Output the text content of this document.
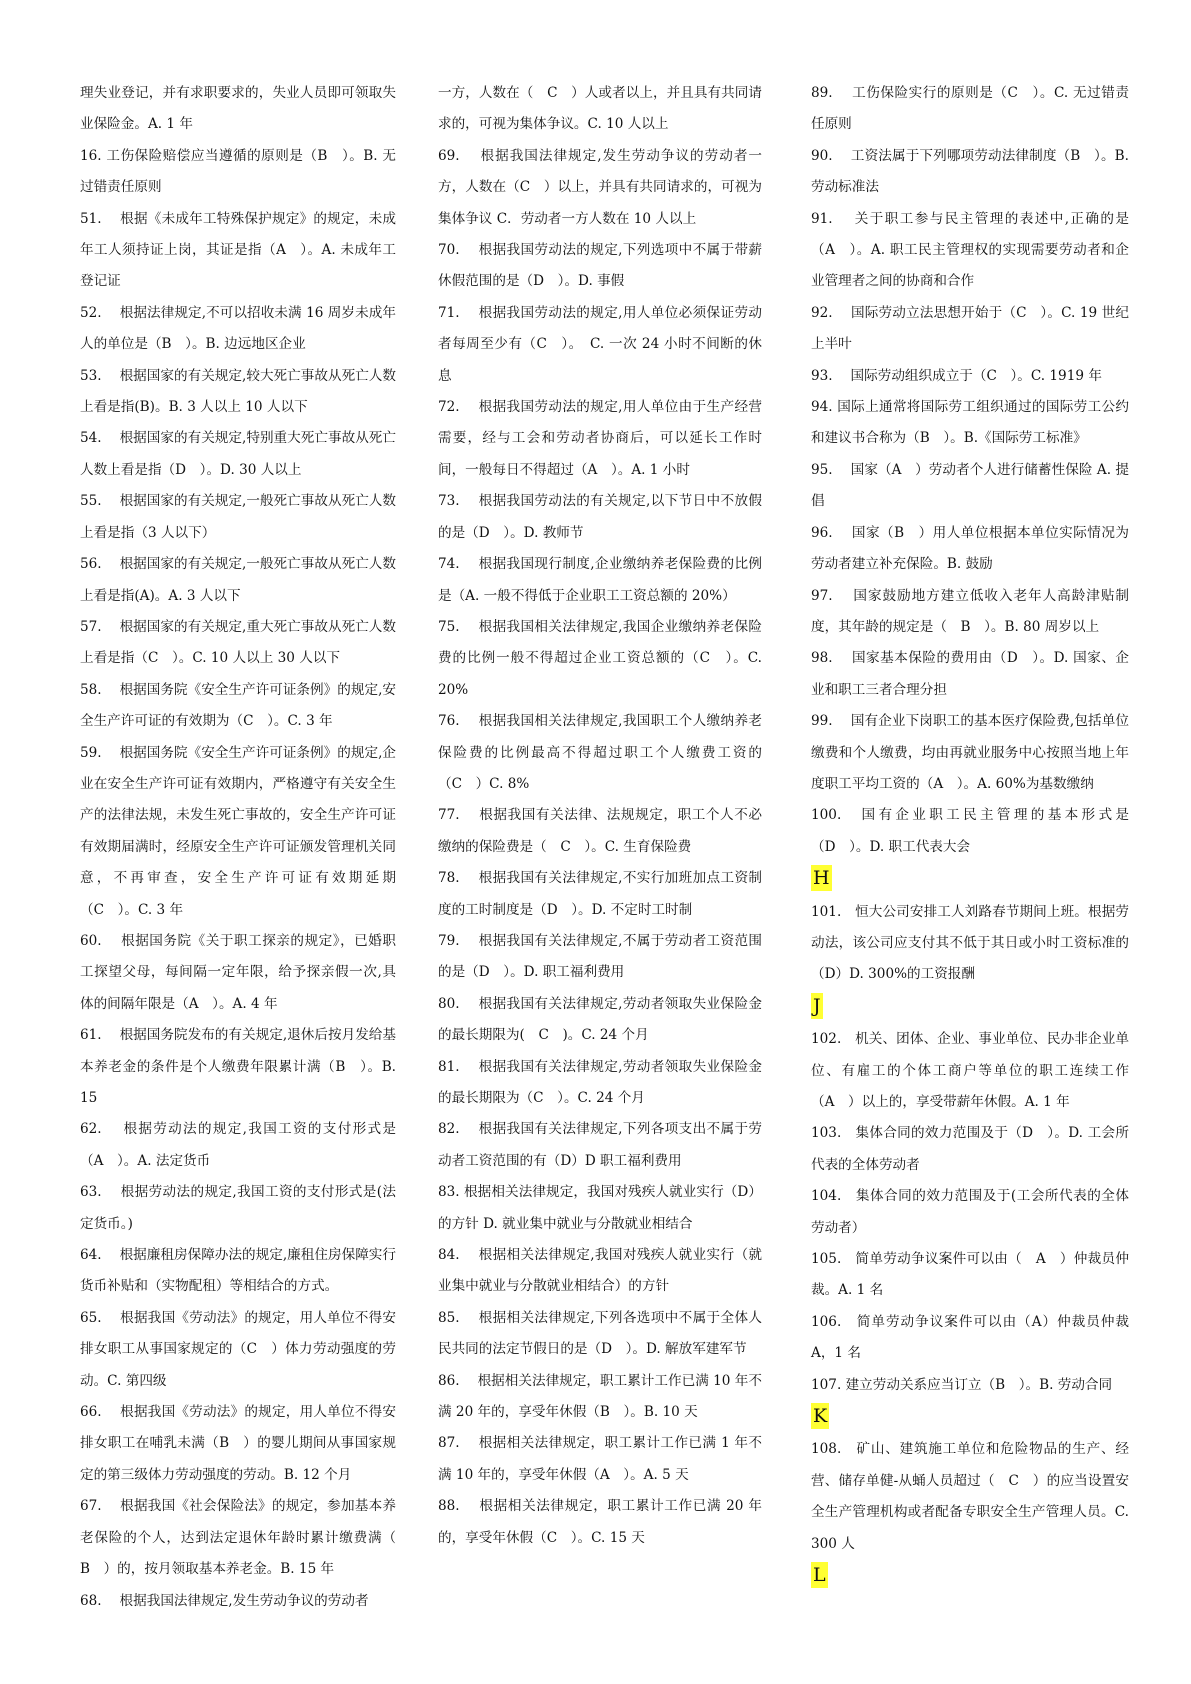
理失业登记，并有求职要求的，失业人员即可领取失业保险金。A. 1 年

16. 工伤保险赔偿应当遵循的原则是（B　）。B. 无过错责任原则

51.　 根据《未成年工特殊保护规定》的规定，未成年工人须持证上岗，其证是指（A　）。A. 未成年工登记证

52.　 根据法律规定,不可以招收未满 16 周岁未成年人的单位是（B　）。B. 边远地区企业

53.　 根据国家的有关规定,较大死亡事故从死亡人数上看是指(B)。B. 3 人以上 10 人以下

54.　 根据国家的有关规定,特别重大死亡事故从死亡人数上看是指（D　）。D. 30 人以上

55.　 根据国家的有关规定,一般死亡事故从死亡人数上看是指（3 人以下）

56.　 根据国家的有关规定,一般死亡事故从死亡人数上看是指(A)。A. 3 人以下

57.　 根据国家的有关规定,重大死亡事故从死亡人数上看是指（C　）。C. 10 人以上 30 人以下

58.　 根据国务院《安全生产许可证条例》的规定,安全生产许可证的有效期为（C　）。C. 3 年

59.　 根据国务院《安全生产许可证条例》的规定,企业在安全生产许可证有效期内，严格遵守有关安全生产的法律法规，未发生死亡事故的，安全生产许可证有效期届满时，经原安全生产许可证颁发管理机关同意，不再审查，安全生产许可证有效期延期（C　）。C. 3 年

60.　 根据国务院《关于职工探亲的规定》，已婚职工探望父母，每间隔一定年限，给予探亲假一次,具体的间隔年限是（A　）。A. 4 年

61.　 根据国务院发布的有关规定,退休后按月发给基本养老金的条件是个人缴费年限累计满（B　）。B. 15

62.　 根据劳动法的规定,我国工资的支付形式是（A　）。A. 法定货币

63.　 根据劳动法的规定,我国工资的支付形式是(法定货币。)

64.　 根据廉租房保障办法的规定,廉租住房保障实行货币补贴和（实物配租）等相结合的方式。

65.　 根据我国《劳动法》的规定，用人单位不得安排女职工从事国家规定的（C　）体力劳动强度的劳动。C. 第四级

66.　 根据我国《劳动法》的规定，用人单位不得安排女职工在哺乳未满（B　）的婴儿期间从事国家规定的第三级体力劳动强度的劳动。B. 12 个月

67.　 根据我国《社会保险法》的规定，参加基本养老保险的个人，达到法定退休年龄时累计缴费满（　B　）的，按月领取基本养老金。B. 15 年

68.　 根据我国法律规定,发生劳动争议的劳动者

一方，人数在（　C　）人或者以上，并且具有共同请求的，可视为集体争议。C. 10 人以上

69.　 根据我国法律规定,发生劳动争议的劳动者一方，人数在（C　）以上，并具有共同请求的，可视为集体争议 C．劳动者一方人数在 10 人以上

70.　 根据我国劳动法的规定,下列选项中不属于带薪休假范围的是（D　）。D. 事假

71.　 根据我国劳动法的规定,用人单位必须保证劳动者每周至少有（C　）。　C. 一次 24 小时不间断的休息

72.　 根据我国劳动法的规定,用人单位由于生产经营需要，经与工会和劳动者协商后，可以延长工作时间，一般每日不得超过（A　）。A. 1 小时

73.　 根据我国劳动法的有关规定,以下节日中不放假的是（D　）。D. 教师节

74.　 根据我国现行制度,企业缴纳养老保险费的比例是（A. 一般不得低于企业职工工资总额的 20%）

75.　 根据我国相关法律规定,我国企业缴纳养老保险费的比例一般不得超过企业工资总额的（C　）。C. 20%

76.　 根据我国相关法律规定,我国职工个人缴纳养老保险费的比例最高不得超过职工个人缴费工资的（C　）C. 8%

77.　 根据我国有关法律、法规规定，职工个人不必缴纳的保险费是（　C　）。C. 生育保险费

78.　 根据我国有关法律规定,不实行加班加点工资制度的工时制度是（D　）。D. 不定时工时制

79.　 根据我国有关法律规定,不属于劳动者工资范围的是（D　）。D. 职工福利费用

80.　 根据我国有关法律规定,劳动者领取失业保险金的最长期限为(　C　)。C. 24 个月

81.　 根据我国有关法律规定,劳动者领取失业保险金的最长期限为（C　）。C. 24 个月

82.　 根据我国有关法律规定,下列各项支出不属于劳动者工资范围的有（D）D 职工福利费用

83. 根据相关法律规定，我国对残疾人就业实行（D）的方针 D. 就业集中就业与分散就业相结合

84.　 根据相关法律规定,我国对残疾人就业实行（就业集中就业与分散就业相结合）的方针

85.　 根据相关法律规定,下列各选项中不属于全体人民共同的法定节假日的是（D　）。D. 解放军建军节

86.　 根据相关法律规定，职工累计工作已满 10 年不满 20 年的，享受年休假（B　）。B. 10 天

87.　 根据相关法律规定，职工累计工作已满 1 年不满 10 年的，享受年休假（A　）。A. 5 天

88.　 根据相关法律规定，职工累计工作已满 20 年的，享受年休假（C　）。C. 15 天

89.　 工伤保险实行的原则是（C　）。C. 无过错责任原则

90.　 工资法属于下列哪项劳动法律制度（B　）。B. 劳动标准法

91.　 关于职工参与民主管理的表述中,正确的是（A　）。A. 职工民主管理权的实现需要劳动者和企业管理者之间的协商和合作

92.　 国际劳动立法思想开始于（C　）。C. 19 世纪上半叶

93.　 国际劳动组织成立于（C　）。C. 1919 年

94. 国际上通常将国际劳工组织通过的国际劳工公约和建议书合称为（B　）。B.《国际劳工标准》

95.　 国家（A　）劳动者个人进行储蓄性保险 A. 提倡

96.　 国家（B　）用人单位根据本单位实际情况为劳动者建立补充保险。B. 鼓励

97.　 国家鼓励地方建立低收入老年人高龄津贴制度，其年龄的规定是（　B　）。B. 80 周岁以上

98.　 国家基本保险的费用由（D　）。D. 国家、企业和职工三者合理分担

99.　 国有企业下岗职工的基本医疗保险费,包括单位缴费和个人缴费，均由再就业服务中心按照当地上年度职工平均工资的（A　）。A. 60%为基数缴纳

100.　国有企业职工民主管理的基本形式是（D　）。D. 职工代表大会

H

101.　恒大公司安排工人刘路春节期间上班。根据劳动法，该公司应支付其不低于其日或小时工资标准的（D）D. 300%的工资报酬

J

102.　机关、团体、企业、事业单位、民办非企业单位、有雇工的个体工商户等单位的职工连续工作（A　）以上的，享受带薪年休假。A. 1 年

103.　集体合同的效力范围及于（D　）。D. 工会所代表的全体劳动者

104.　集体合同的效力范围及于(工会所代表的全体劳动者）

105.　简单劳动争议案件可以由（　A　）仲裁员仲裁。A. 1 名

106.　简单劳动争议案件可以由（A）仲裁员仲裁 A，1 名

107. 建立劳动关系应当订立（B　）。B. 劳动合同

K

108.　矿山、建筑施工单位和危险物品的生产、经营、储存单健-从蛹人员超过（　C　）的应当设置安全生产管理机构或者配备专职安全生产管理人员。C. 300 人

L
